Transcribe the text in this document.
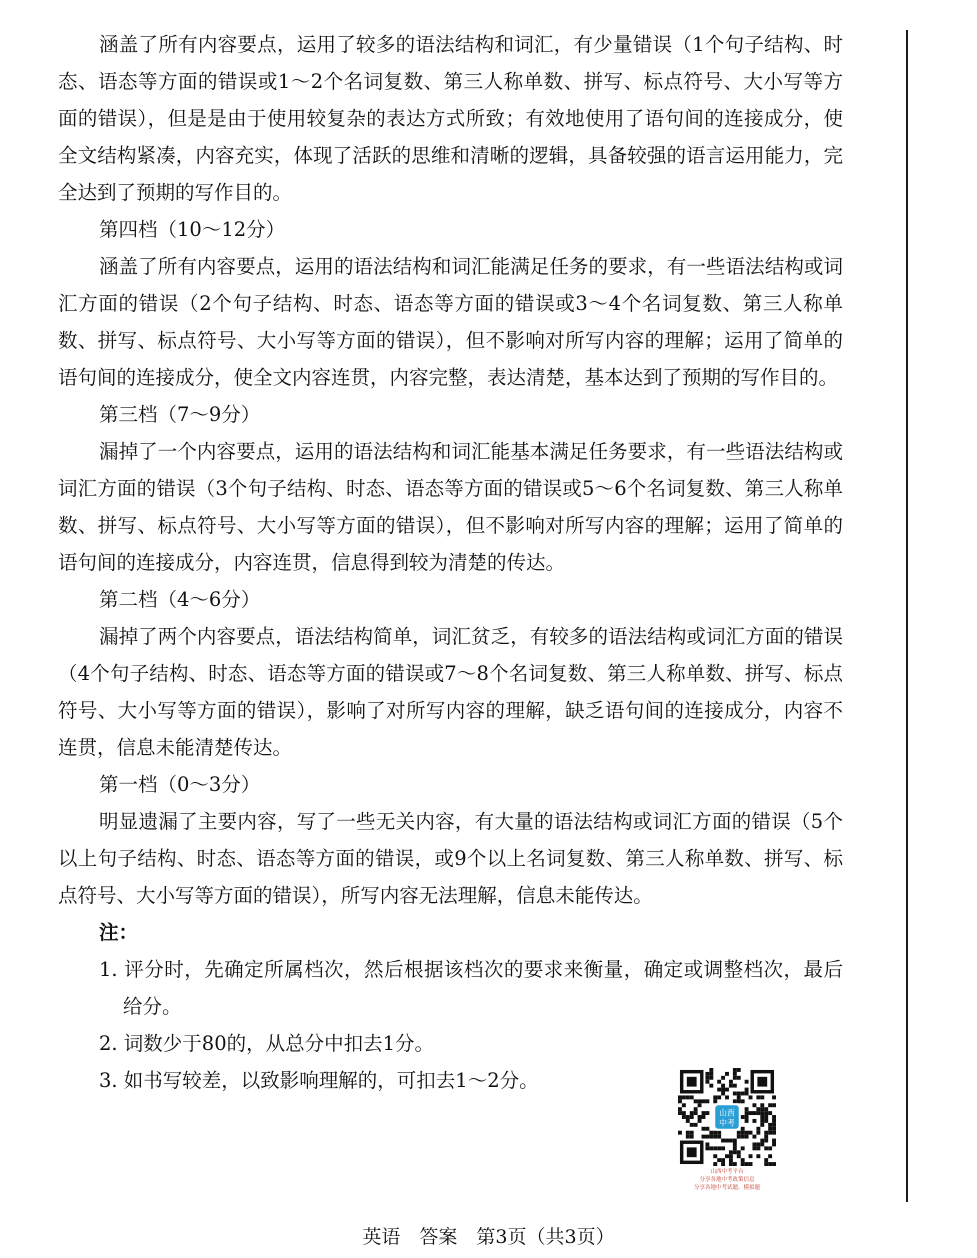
涵盖了所有内容要点，运用了较多的语法结构和词汇，有少量错误（1个句子结构、时态、语态等方面的错误或1～2个名词复数、第三人称单数、拼写、标点符号、大小写等方面的错误），但是是由于使用较复杂的表达方式所致；有效地使用了语句间的连接成分，使全文结构紧凑，内容充实，体现了活跃的思维和清晰的逻辑，具备较强的语言运用能力，完全达到了预期的写作目的。

第四档（10～12分）

涵盖了所有内容要点，运用的语法结构和词汇能满足任务的要求，有一些语法结构或词汇方面的错误（2个句子结构、时态、语态等方面的错误或3～4个名词复数、第三人称单数、拼写、标点符号、大小写等方面的错误），但不影响对所写内容的理解；运用了简单的语句间的连接成分，使全文内容连贯，内容完整，表达清楚，基本达到了预期的写作目的。

第三档（7～9分）

漏掉了一个内容要点，运用的语法结构和词汇能基本满足任务要求，有一些语法结构或词汇方面的错误（3个句子结构、时态、语态等方面的错误或5～6个名词复数、第三人称单数、拼写、标点符号、大小写等方面的错误），但不影响对所写内容的理解；运用了简单的语句间的连接成分，内容连贯，信息得到较为清楚的传达。

第二档（4～6分）

漏掉了两个内容要点，语法结构简单，词汇贫乏，有较多的语法结构或词汇方面的错误（4个句子结构、时态、语态等方面的错误或7～8个名词复数、第三人称单数、拼写、标点符号、大小写等方面的错误），影响了对所写内容的理解，缺乏语句间的连接成分，内容不连贯，信息未能清楚传达。

第一档（0～3分）

明显遗漏了主要内容，写了一些无关内容，有大量的语法结构或词汇方面的错误（5个以上句子结构、时态、语态等方面的错误，或9个以上名词复数、第三人称单数、拼写、标点符号、大小写等方面的错误），所写内容无法理解，信息未能传达。

注：

1. 评分时，先确定所属档次，然后根据该档次的要求来衡量，确定或调整档次，最后给分。

2. 词数少于80的，从总分中扣去1分。

3. 如书写较差，以致影响理解的，可扣去1～2分。

山西
中考
山西中考平台
分享各地中考政策信息
分享各地中考试题、模拟题
英语　答案　第3页（共3页）
